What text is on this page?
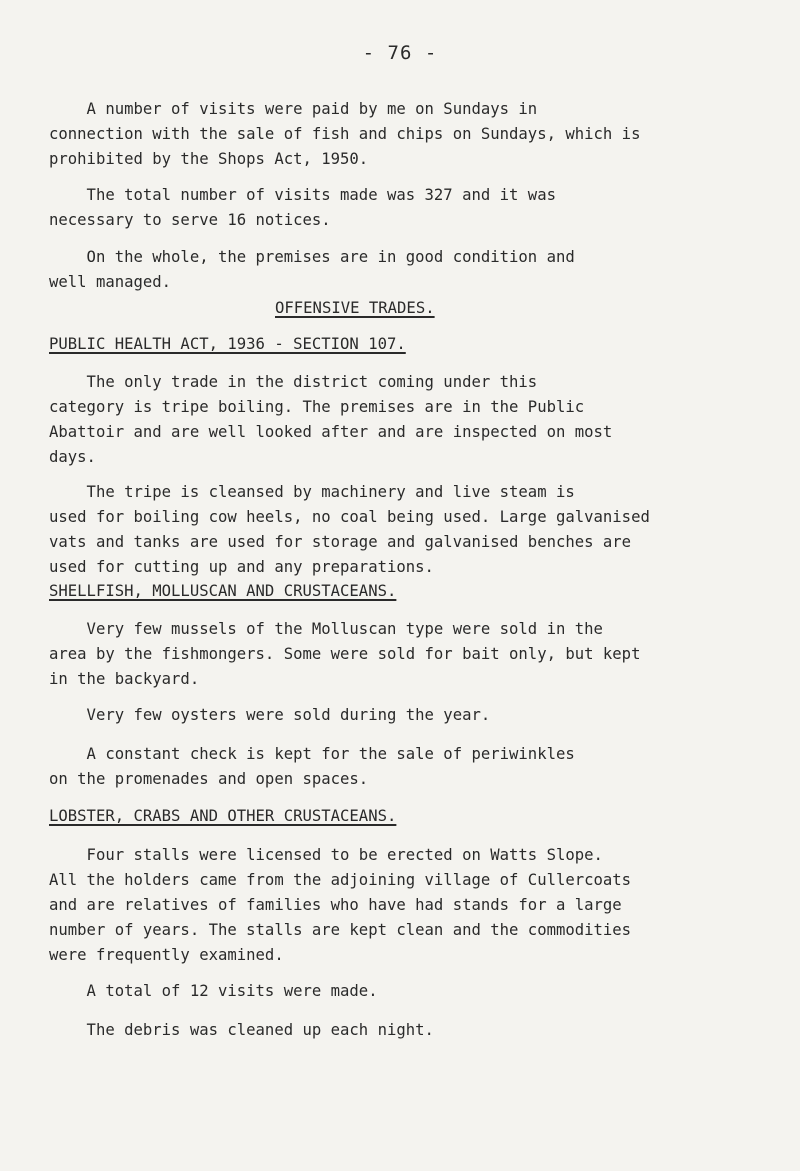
- 76 -

A number of visits were paid by me on Sundays in
connection with the sale of fish and chips on Sundays, which is
prohibited by the Shops Act, 1950.

The total number of visits made was 327 and it was
necessary to serve 16 notices.

On the whole, the premises are in good condition and
well managed.

OFFENSIVE TRADES.

PUBLIC HEALTH ACT, 1936 - SECTION 107.

The only trade in the district coming under this
category is tripe boiling. The premises are in the Public
Abattoir and are well looked after and are inspected on most
days.

The tripe is cleansed by machinery and live steam is
used for boiling cow heels, no coal being used. Large galvanised
vats and tanks are used for storage and galvanised benches are
used for cutting up and any preparations.

SHELLFISH, MOLLUSCAN AND CRUSTACEANS.

Very few mussels of the Molluscan type were sold in the
area by the fishmongers. Some were sold for bait only, but kept
in the backyard.

Very few oysters were sold during the year.

A constant check is kept for the sale of periwinkles
on the promenades and open spaces.

LOBSTER, CRABS AND OTHER CRUSTACEANS.

Four stalls were licensed to be erected on Watts Slope.
All the holders came from the adjoining village of Cullercoats
and are relatives of families who have had stands for a large
number of years. The stalls are kept clean and the commodities
were frequently examined.

A total of 12 visits were made.

The debris was cleaned up each night.
